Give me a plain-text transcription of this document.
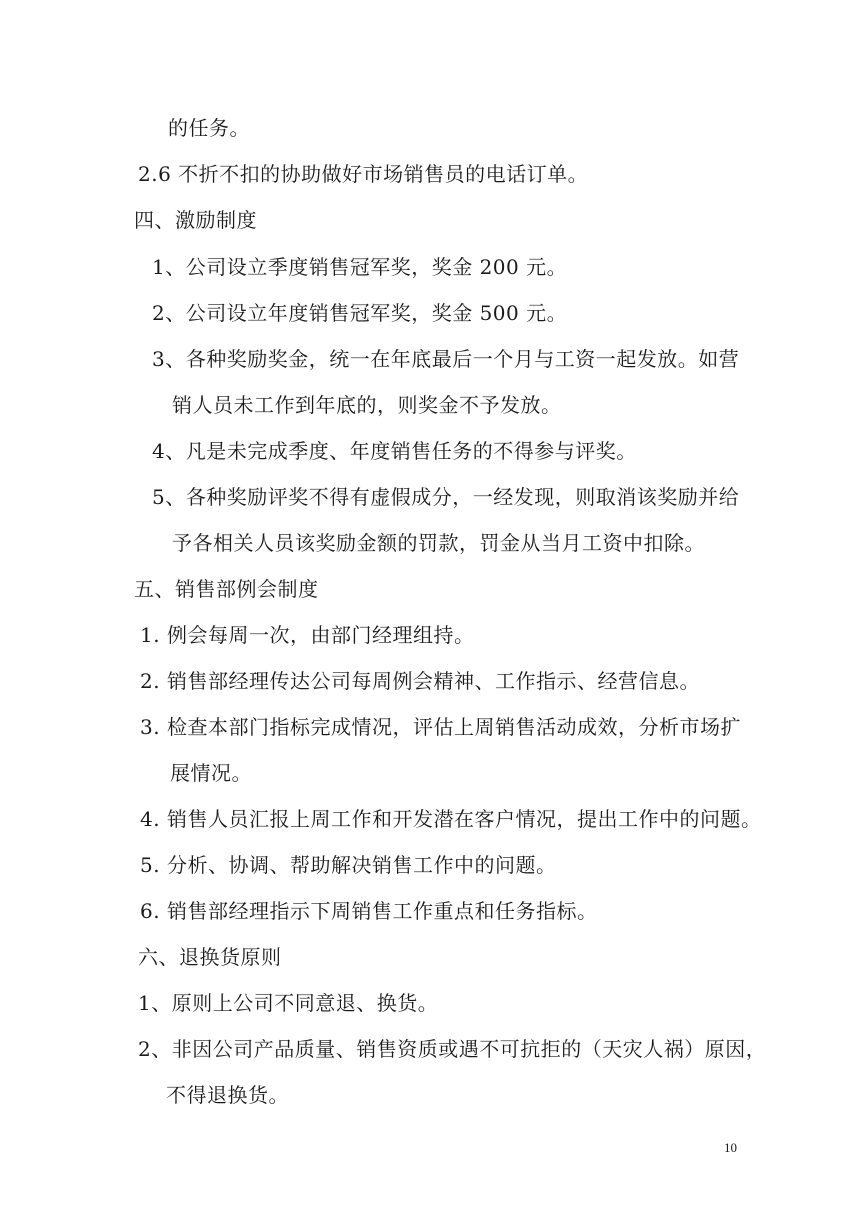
的任务。
2.6 不折不扣的协助做好市场销售员的电话订单。
四、激励制度
1、公司设立季度销售冠军奖，奖金 200 元。
2、公司设立年度销售冠军奖，奖金 500 元。
3、各种奖励奖金，统一在年底最后一个月与工资一起发放。如营
销人员未工作到年底的，则奖金不予发放。
4、凡是未完成季度、年度销售任务的不得参与评奖。
5、各种奖励评奖不得有虚假成分，一经发现，则取消该奖励并给
予各相关人员该奖励金额的罚款，罚金从当月工资中扣除。
五、销售部例会制度
1. 例会每周一次，由部门经理组持。
2. 销售部经理传达公司每周例会精神、工作指示、经营信息。
3. 检查本部门指标完成情况，评估上周销售活动成效，分析市场扩
展情况。
4. 销售人员汇报上周工作和开发潜在客户情况，提出工作中的问题。
5. 分析、协调、帮助解决销售工作中的问题。
6. 销售部经理指示下周销售工作重点和任务指标。
六、退换货原则
1、原则上公司不同意退、换货。
2、非因公司产品质量、销售资质或遇不可抗拒的（天灾人祸）原因，
不得退换货。
10
